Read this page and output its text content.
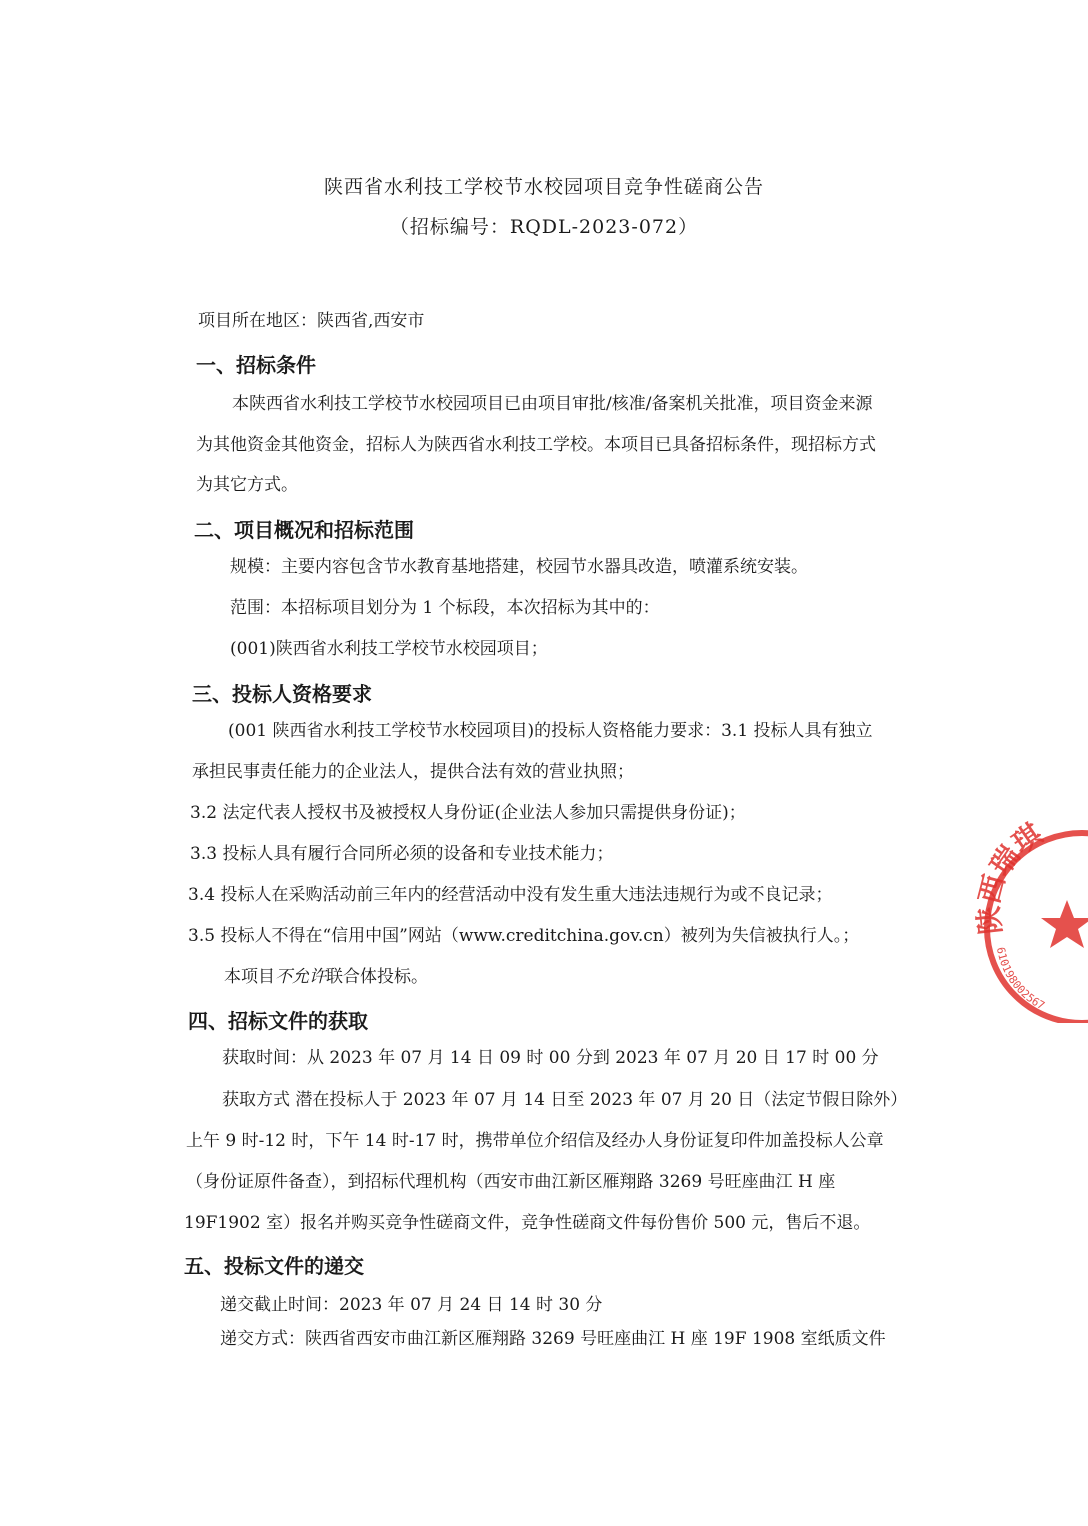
陕西省水利技工学校节水校园项目竞争性磋商公告
（招标编号：RQDL-2023-072）
项目所在地区：陕西省,西安市
一、招标条件
本陕西省水利技工学校节水校园项目已由项目审批/核准/备案机关批准，项目资金来源
为其他资金其他资金，招标人为陕西省水利技工学校。本项目已具备招标条件，现招标方式
为其它方式。
二、项目概况和招标范围
规模：主要内容包含节水教育基地搭建，校园节水器具改造，喷灌系统安装。
范围：本招标项目划分为 1 个标段，本次招标为其中的：
(001)陕西省水利技工学校节水校园项目；
三、投标人资格要求
(001 陕西省水利技工学校节水校园项目)的投标人资格能力要求：3.1 投标人具有独立
承担民事责任能力的企业法人，提供合法有效的营业执照；
3.2 法定代表人授权书及被授权人身份证(企业法人参加只需提供身份证)；
3.3 投标人具有履行合同所必须的设备和专业技术能力；
3.4 投标人在采购活动前三年内的经营活动中没有发生重大违法违规行为或不良记录；
3.5 投标人不得在“信用中国”网站（www.creditchina.gov.cn）被列为失信被执行人。；
本项目不允许联合体投标。
四、招标文件的获取
获取时间：从 2023 年 07 月 14 日 09 时 00 分到 2023 年 07 月 20 日 17 时 00 分
获取方式 潜在投标人于 2023 年 07 月 14 日至 2023 年 07 月 20 日（法定节假日除外）
上午 9 时-12 时，下午 14 时-17 时，携带单位介绍信及经办人身份证复印件加盖投标人公章
（身份证原件备查），到招标代理机构（西安市曲江新区雁翔路 3269 号旺座曲江 H 座
19F1902 室）报名并购买竞争性磋商文件，竞争性磋商文件每份售价 500 元，售后不退。
五、投标文件的递交
递交截止时间：2023 年 07 月 24 日 14 时 30 分
递交方式：陕西省西安市曲江新区雁翔路 3269 号旺座曲江 H 座 19F 1908 室纸质文件
陕西瑞琪
610198002567
